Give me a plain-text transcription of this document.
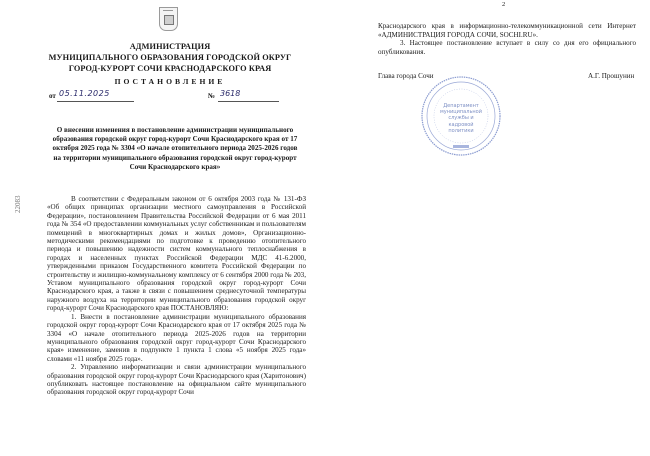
АДМИНИСТРАЦИЯ
МУНИЦИПАЛЬНОГО ОБРАЗОВАНИЯ ГОРОДСКОЙ ОКРУГ
ГОРОД-КУРОРТ СОЧИ КРАСНОДАРСКОГО КРАЯ
ПОСТАНОВЛЕНИЕ
от 05.11.2025	№ 3618
О внесении изменения в постановление администрации муниципального образования городской округ город-курорт Сочи Краснодарского края от 17 октября 2025 года № 3304 «О начале отопительного периода 2025-2026 годов на территории муниципального образования городской округ город-курорт Сочи Краснодарского края»
22083	В соответствии с Федеральным законом от 6 октября 2003 года № 131-ФЗ «Об общих принципах организации местного самоуправления в Российской Федерации», постановлением Правительства Российской Федерации от 6 мая 2011 года № 354 «О предоставлении коммунальных услуг собственникам и пользователям помещений в многоквартирных домах и жилых домов», Организационно-методическими рекомендациями по подготовке к проведению отопительного периода и повышению надежности систем коммунального теплоснабжения в городах и населенных пунктах Российской Федерации МДС 41-6.2000, утвержденными приказом Государственного комитета Российской Федерации по строительству и жилищно-коммунальному комплексу от 6 сентября 2000 года № 203, Уставом муниципального образования городской округ город-курорт Сочи Краснодарского края, а также в связи с повышением среднесуточной температуры наружного воздуха на территории муниципального образования городской округ город-курорт Сочи Краснодарского края ПОСТАНОВЛЯЮ:

1. Внести в постановление администрации муниципального образования городской округ город-курорт Сочи Краснодарского края от 17 октября 2025 года № 3304 «О начале отопительного периода 2025-2026 годов на территории муниципального образования городской округ город-курорт Сочи Краснодарского края» изменение, заменив в подпункте 1 пункта 1 слова «5 ноября 2025 года» словами «11 ноября 2025 года».

2. Управлению информатизации и связи администрации муниципального образования городской округ город-курорт Сочи Краснодарского края (Харитонович) опубликовать настоящее постановление на официальном сайте муниципального образования городской округ город-курорт Сочи

2

Краснодарского края в информационно-телекоммуникационной сети Интернет «АДМИНИСТРАЦИЯ ГОРОДА СОЧИ, SOCHI.RU».

3. Настоящее постановление вступает в силу со дня его официального опубликования.

Департамент
муниципальной
службы и кадровой
политики
Глава города Сочи	А.Г. Прошунин
